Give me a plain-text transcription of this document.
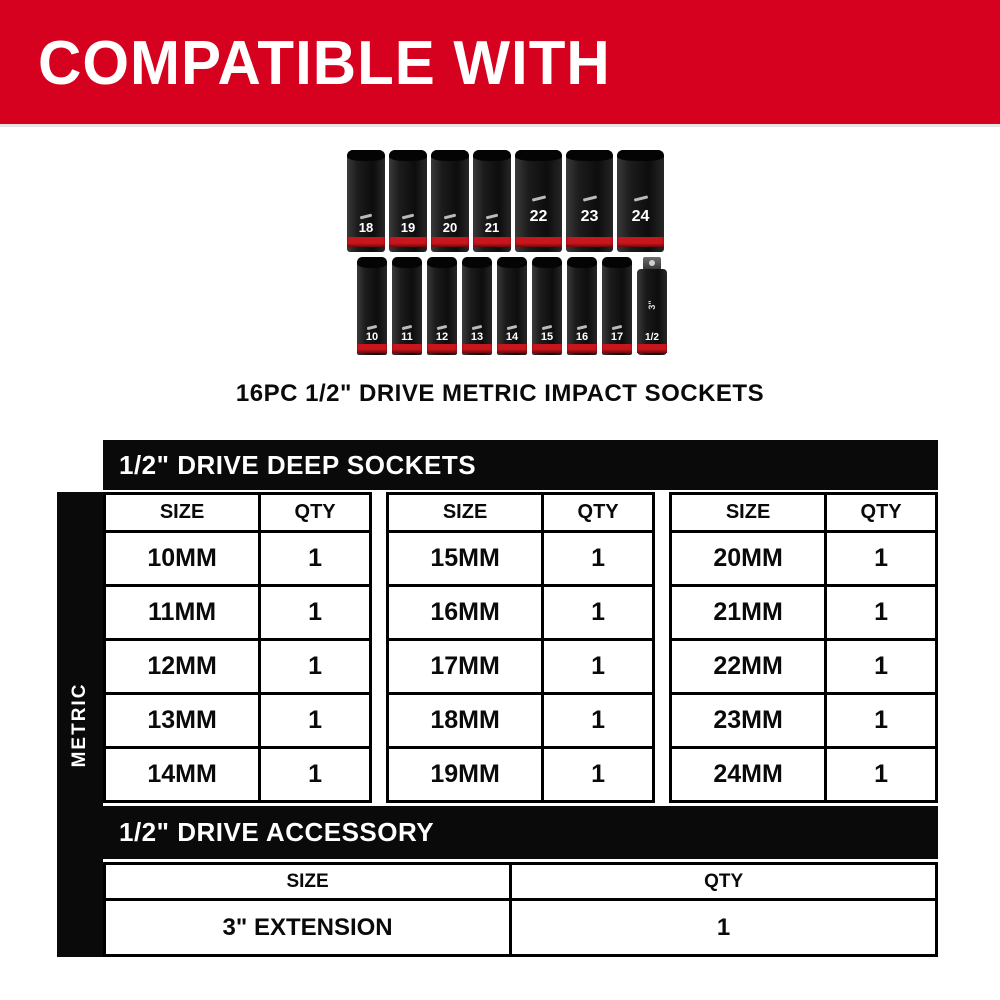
COMPATIBLE WITH
18	19	20	21
22	23	24
10	11	12	13	14	15	16	17
3"
1/2
16PC 1/2" DRIVE METRIC IMPACT SOCKETS
1/2" DRIVE DEEP SOCKETS
METRIC
SIZE	QTY
10MM	1
11MM	1
12MM	1
13MM	1
14MM	1
SIZE	QTY
15MM	1
16MM	1
17MM	1
18MM	1
19MM	1
SIZE	QTY
20MM	1
21MM	1
22MM	1
23MM	1
24MM	1
1/2" DRIVE ACCESSORY
SIZE	QTY
3" EXTENSION	1
